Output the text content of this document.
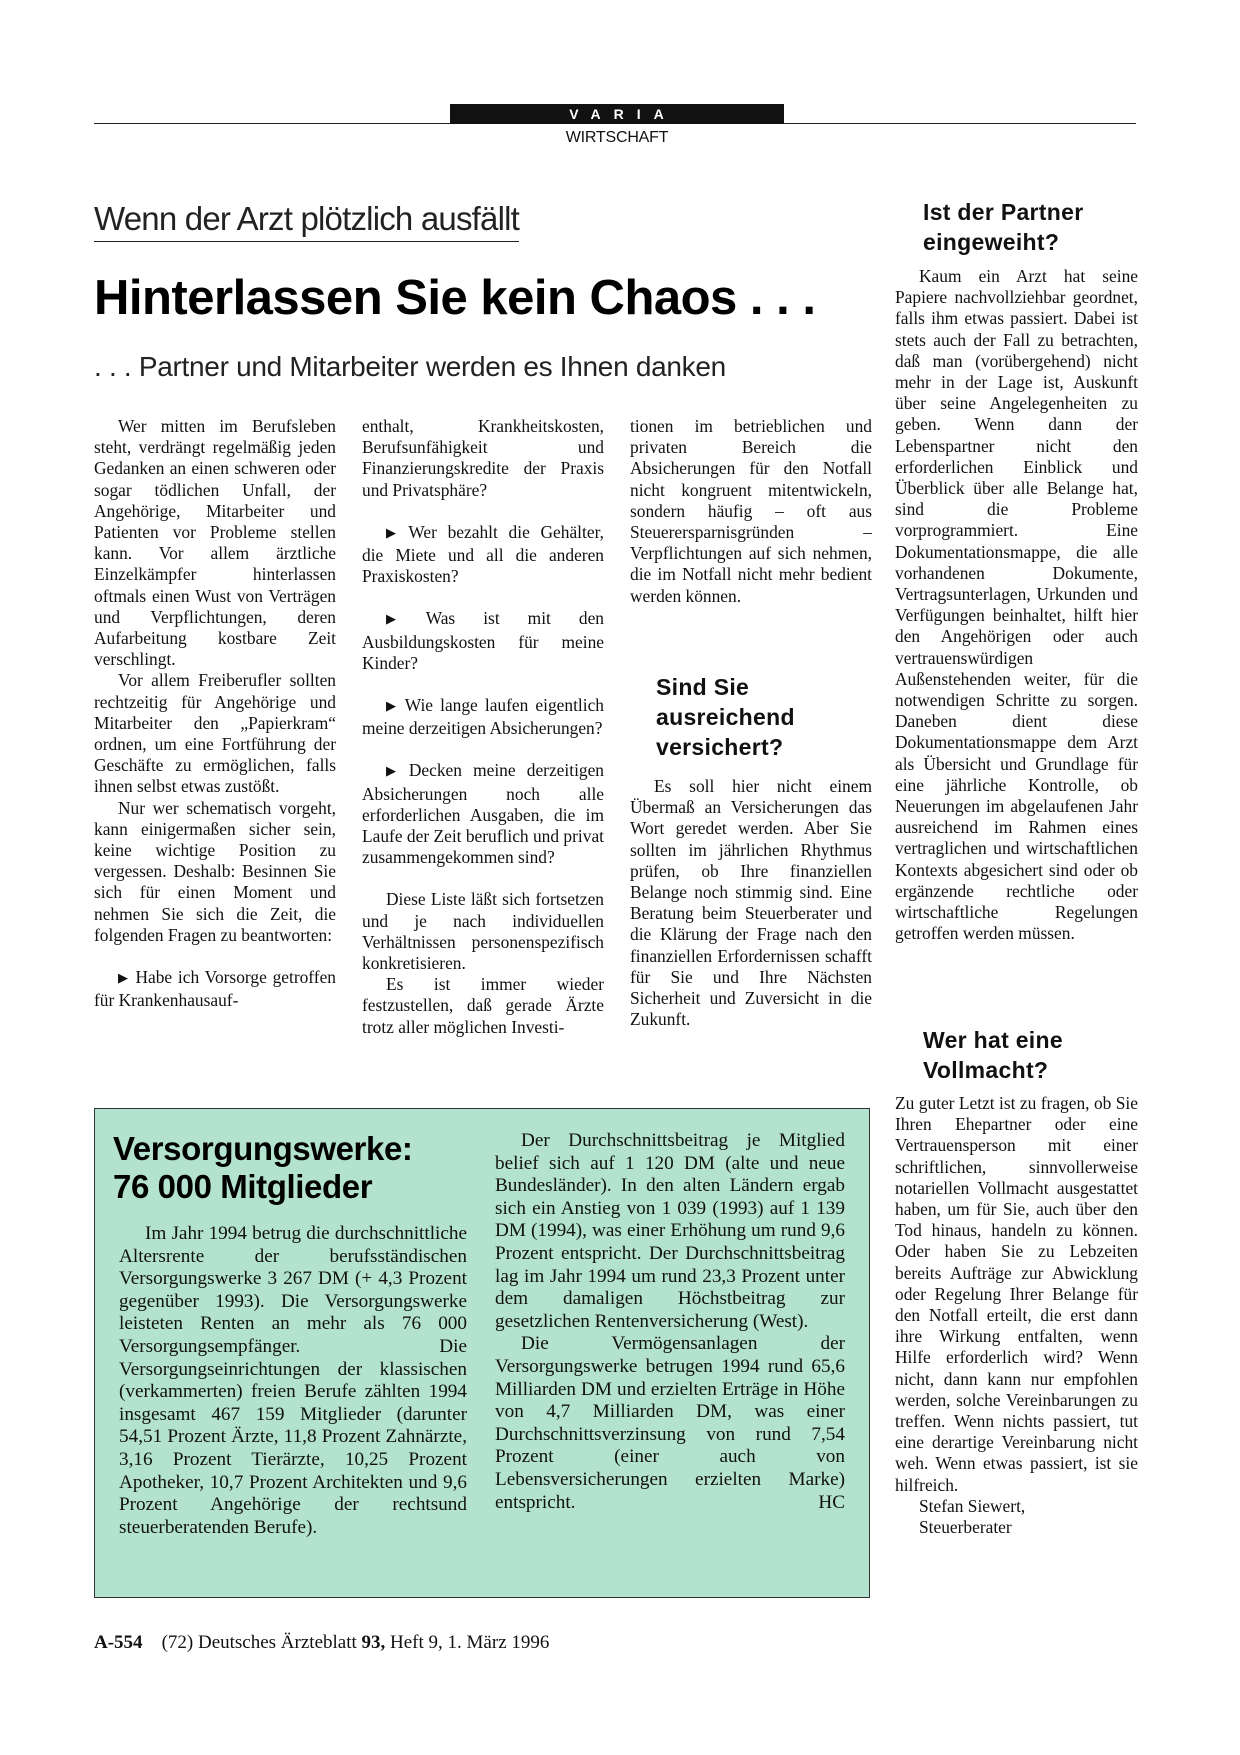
VARIA
WIRTSCHAFT
Wenn der Arzt plötzlich ausfällt
Hinterlassen Sie kein Chaos . . .
. . . Partner und Mitarbeiter werden es Ihnen danken

Wer mitten im Berufsleben steht, verdrängt regelmäßig jeden Gedanken an einen schweren oder sogar tödlichen Unfall, der Angehörige, Mitarbeiter und Patienten vor Probleme stellen kann. Vor allem ärztliche Einzelkämpfer hinterlassen oftmals einen Wust von Verträgen und Verpflichtungen, deren Aufarbeitung kostbare Zeit verschlingt.

Vor allem Freiberufler sollten rechtzeitig für Angehörige und Mitarbeiter den „Papierkram“ ordnen, um eine Fortführung der Geschäfte zu ermöglichen, falls ihnen selbst etwas zustößt.

Nur wer schematisch vorgeht, kann einigermaßen sicher sein, keine wichtige Position zu vergessen. Deshalb: Besinnen Sie sich für einen Moment und nehmen Sie sich die Zeit, die folgenden Fragen zu beantworten:

▶ Habe ich Vorsorge getroffen für Krankenhausauf-

enthalt, Krankheitskosten, Berufsunfähigkeit und Finanzierungskredite der Praxis und Privatsphäre?

▶ Wer bezahlt die Gehälter, die Miete und all die anderen Praxiskosten?

▶ Was ist mit den Ausbildungskosten für meine Kinder?

▶ Wie lange laufen eigentlich meine derzeitigen Absicherungen?

▶ Decken meine derzeitigen Absicherungen noch alle erforderlichen Ausgaben, die im Laufe der Zeit beruflich und privat zusammengekommen sind?

Diese Liste läßt sich fortsetzen und je nach individuellen Verhältnissen personenspezifisch konkretisieren.

Es ist immer wieder festzustellen, daß gerade Ärzte trotz aller möglichen Investi-

tionen im betrieblichen und privaten Bereich die Absicherungen für den Notfall nicht kongruent mitentwickeln, sondern häufig – oft aus Steuerersparnisgründen – Verpflichtungen auf sich nehmen, die im Notfall nicht mehr bedient werden können.

Sind Sie ausreichend versichert?

Es soll hier nicht einem Übermaß an Versicherungen das Wort geredet werden. Aber Sie sollten im jährlichen Rhythmus prüfen, ob Ihre finanziellen Belange noch stimmig sind. Eine Beratung beim Steuerberater und die Klärung der Frage nach den finanziellen Erfordernissen schafft für Sie und Ihre Nächsten Sicherheit und Zuversicht in die Zukunft.

Ist der Partner eingeweiht?

Kaum ein Arzt hat seine Papiere nachvollziehbar geordnet, falls ihm etwas passiert. Dabei ist stets auch der Fall zu betrachten, daß man (vorübergehend) nicht mehr in der Lage ist, Auskunft über seine Angelegenheiten zu geben. Wenn dann der Lebenspartner nicht den erforderlichen Einblick und Überblick über alle Belange hat, sind die Probleme vorprogrammiert. Eine Dokumentationsmappe, die alle vorhandenen Dokumente, Vertragsunterlagen, Urkunden und Verfügungen beinhaltet, hilft hier den Angehörigen oder auch vertrauenswürdigen Außenstehenden weiter, für die notwendigen Schritte zu sorgen. Daneben dient diese Dokumentationsmappe dem Arzt als Übersicht und Grundlage für eine jährliche Kontrolle, ob Neuerungen im abgelaufenen Jahr ausreichend im Rahmen eines vertraglichen und wirtschaftlichen Kontexts abgesichert sind oder ob ergänzende rechtliche oder wirtschaftliche Regelungen getroffen werden müssen.

Wer hat eine Vollmacht?

Zu guter Letzt ist zu fragen, ob Sie Ihren Ehepartner oder eine Vertrauensperson mit einer schriftlichen, sinnvollerweise notariellen Vollmacht ausgestattet haben, um für Sie, auch über den Tod hinaus, handeln zu können. Oder haben Sie zu Lebzeiten bereits Aufträge zur Abwicklung oder Regelung Ihrer Belange für den Notfall erteilt, die erst dann ihre Wirkung entfalten, wenn Hilfe erforderlich wird? Wenn nicht, dann kann nur empfohlen werden, solche Vereinbarungen zu treffen. Wenn nichts passiert, tut eine derartige Vereinbarung nicht weh. Wenn etwas passiert, ist sie hilfreich.

Stefan Siewert,

Steuerberater

Versorgungswerke: 76 000 Mitglieder

Im Jahr 1994 betrug die durchschnittliche Altersrente der berufsständischen Versorgungswerke 3 267 DM (+ 4,3 Prozent gegenüber 1993). Die Versorgungswerke leisteten Renten an mehr als 76 000 Versorgungsempfänger. Die Versorgungseinrichtungen der klassischen (verkammerten) freien Berufe zählten 1994 insgesamt 467 159 Mitglieder (darunter 54,51 Prozent Ärzte, 11,8 Prozent Zahnärzte, 3,16 Prozent Tierärzte, 10,25 Prozent Apotheker, 10,7 Prozent Architekten und 9,6 Prozent Angehörige der rechtsund steuerberatenden Berufe).

Der Durchschnittsbeitrag je Mitglied belief sich auf 1 120 DM (alte und neue Bundesländer). In den alten Ländern ergab sich ein Anstieg von 1 039 (1993) auf 1 139 DM (1994), was einer Erhöhung um rund 9,6 Prozent entspricht. Der Durchschnittsbeitrag lag im Jahr 1994 um rund 23,3 Prozent unter dem damaligen Höchstbeitrag zur gesetzlichen Rentenversicherung (West).

Die Vermögensanlagen der Versorgungswerke betrugen 1994 rund 65,6 Milliarden DM und erzielten Erträge in Höhe von 4,7 Milliarden DM, was einer Durchschnittsverzinsung von rund 7,54 Prozent (einer auch von Lebensversicherungen erzielten Marke) entspricht.	HC
A-554 (72) Deutsches Ärzteblatt 93, Heft 9, 1. März 1996
